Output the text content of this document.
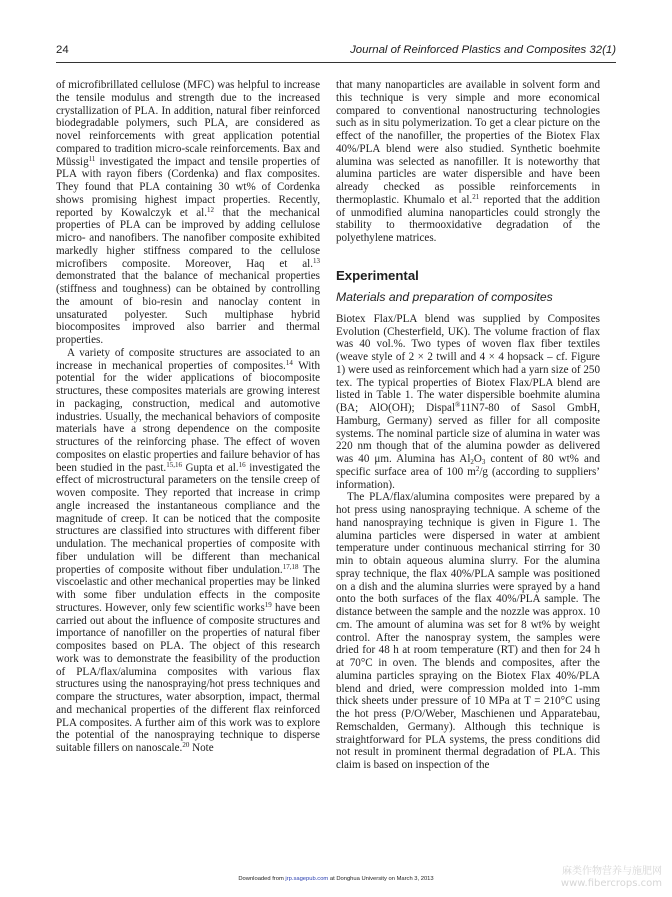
24	Journal of Reinforced Plastics and Composites 32(1)

of microfibrillated cellulose (MFC) was helpful to increase the tensile modulus and strength due to the increased crystallization of PLA. In addition, natural fiber reinforced biodegradable polymers, such PLA, are considered as novel reinforcements with great application potential compared to tradition micro-scale reinforcements. Bax and Müssig$^{11}$ investigated the impact and tensile properties of PLA with rayon fibers (Cordenka) and flax composites. They found that PLA containing 30 wt% of Cordenka shows promising highest impact properties. Recently, reported by Kowalczyk et al.$^{12}$ that the mechanical properties of PLA can be improved by adding cellulose micro- and nanofibers. The nanofiber composite exhibited markedly higher stiffness compared to the cellulose microfibers composite. Moreover, Haq et al.$^{13}$ demonstrated that the balance of mechanical properties (stiffness and toughness) can be obtained by controlling the amount of bio-resin and nanoclay content in unsaturated polyester. Such multiphase hybrid biocomposites improved also barrier and thermal properties.

A variety of composite structures are associated to an increase in mechanical properties of composites.$^{14}$ With potential for the wider applications of biocomposite structures, these composites materials are growing interest in packaging, construction, medical and automotive industries. Usually, the mechanical behaviors of composite materials have a strong dependence on the composite structures of the reinforcing phase. The effect of woven composites on elastic properties and failure behavior of has been studied in the past.$^{15,16}$ Gupta et al.$^{16}$ investigated the effect of microstructural parameters on the tensile creep of woven composite. They reported that increase in crimp angle increased the instantaneous compliance and the magnitude of creep. It can be noticed that the composite structures are classified into structures with different fiber undulation. The mechanical properties of composite with fiber undulation will be different than mechanical properties of composite without fiber undulation.$^{17,18}$ The viscoelastic and other mechanical properties may be linked with some fiber undulation effects in the composite structures. However, only few scientific works$^{19}$ have been carried out about the influence of composite structures and importance of nanofiller on the properties of natural fiber composites based on PLA. The object of this research work was to demonstrate the feasibility of the production of PLA/flax/alumina composites with various flax structures using the nanospraying/hot press techniques and compare the structures, water absorption, impact, thermal and mechanical properties of the different flax reinforced PLA composites. A further aim of this work was to explore the potential of the nanospraying technique to disperse suitable fillers on nanoscale.$^{20}$ Note

that many nanoparticles are available in solvent form and this technique is very simple and more economical compared to conventional nanostructuring technologies such as in situ polymerization. To get a clear picture on the effect of the nanofiller, the properties of the Biotex Flax 40%/PLA blend were also studied. Synthetic boehmite alumina was selected as nanofiller. It is noteworthy that alumina particles are water dispersible and have been already checked as possible reinforcements in thermoplastic. Khumalo et al.$^{21}$ reported that the addition of unmodified alumina nanoparticles could strongly the stability to thermooxidative degradation of the polyethylene matrices.

Experimental
Materials and preparation of composites

Biotex Flax/PLA blend was supplied by Composites Evolution (Chesterfield, UK). The volume fraction of flax was 40 vol.%. Two types of woven flax fiber textiles (weave style of 2 × 2 twill and 4 × 4 hopsack – cf. Figure 1) were used as reinforcement which had a yarn size of 250 tex. The typical properties of Biotex Flax/PLA blend are listed in Table 1. The water dispersible boehmite alumina (BA; AlO(OH); Dispal®11N7-80 of Sasol GmbH, Hamburg, Germany) served as filler for all composite systems. The nominal particle size of alumina in water was 220 nm though that of the alumina powder as delivered was 40 μm. Alumina has $Al_2O_3$ content of 80 wt% and specific surface area of 100 $m^2/g$ (according to suppliers’ information).

The PLA/flax/alumina composites were prepared by a hot press using nanospraying technique. A scheme of the hand nanospraying technique is given in Figure 1. The alumina particles were dispersed in water at ambient temperature under continuous mechanical stirring for 30 min to obtain aqueous alumina slurry. For the alumina spray technique, the flax 40%/PLA sample was positioned on a dish and the alumina slurries were sprayed by a hand onto the both surfaces of the flax 40%/PLA sample. The distance between the sample and the nozzle was approx. 10 cm. The amount of alumina was set for 8 wt% by weight control. After the nanospray system, the samples were dried for 48 h at room temperature (RT) and then for 24 h at 70°C in oven. The blends and composites, after the alumina particles spraying on the Biotex Flax 40%/PLA blend and dried, were compression molded into 1-mm thick sheets under pressure of 10 MPa at T = 210°C using the hot press (P/O/Weber, Maschienen und Apparatebau, Remschalden, Germany). Although this technique is straightforward for PLA systems, the press conditions did not result in prominent thermal degradation of PLA. This claim is based on inspection of the

Downloaded from jrp.sagepub.com at Donghua University on March 3, 2013
麻类作物营养与施肥网
www.fibercrops.com
